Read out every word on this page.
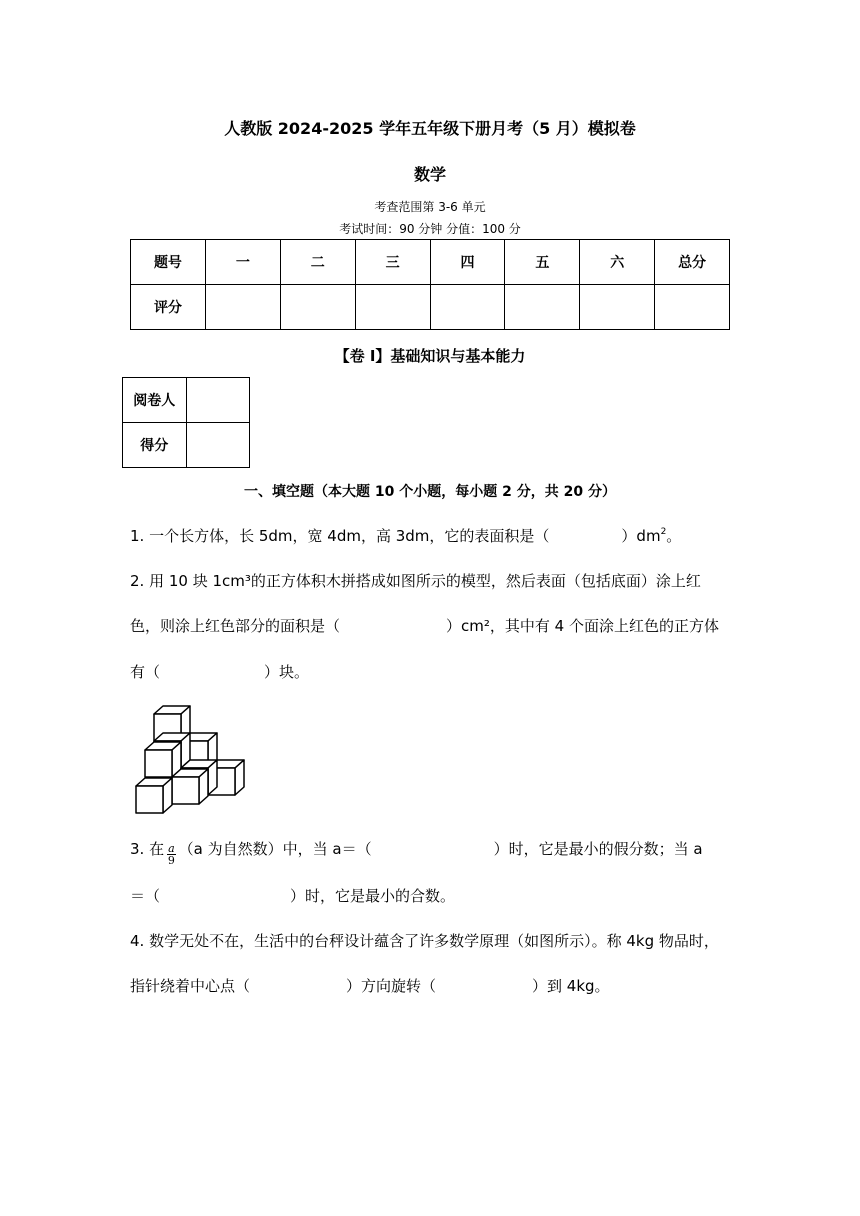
人教版 2024-2025 学年五年级下册月考（5 月）模拟卷
数学
考查范围第 3-6 单元
考试时间：90 分钟 分值：100 分
题号	一	二	三	四	五	六	总分
评分							
【卷 I】基础知识与基本能力
阅卷人	
得分	
一、填空题（本大题 10 个小题，每小题 2 分，共 20 分）
1. 一个长方体，长 5dm，宽 4dm，高 3dm，它的表面积是（	）$dm^2$。
2. 用 10 块 1cm³的正方体积木拼搭成如图所示的模型，然后表面（包括底面）涂上红
色，则涂上红色部分的面积是（	）cm²，其中有 4 个面涂上红色的正方体
有（	）块。
3. 在 $\frac{a}{9} (a$ 为自然数）中，当 a＝（	）时，它是最小的假分数；当 a
＝（	）时，它是最小的合数。
4. 数学无处不在，生活中的台秤设计蕴含了许多数学原理（如图所示）。称 4kg 物品时，
指针绕着中心点（	）方向旋转（	）到 4kg。
